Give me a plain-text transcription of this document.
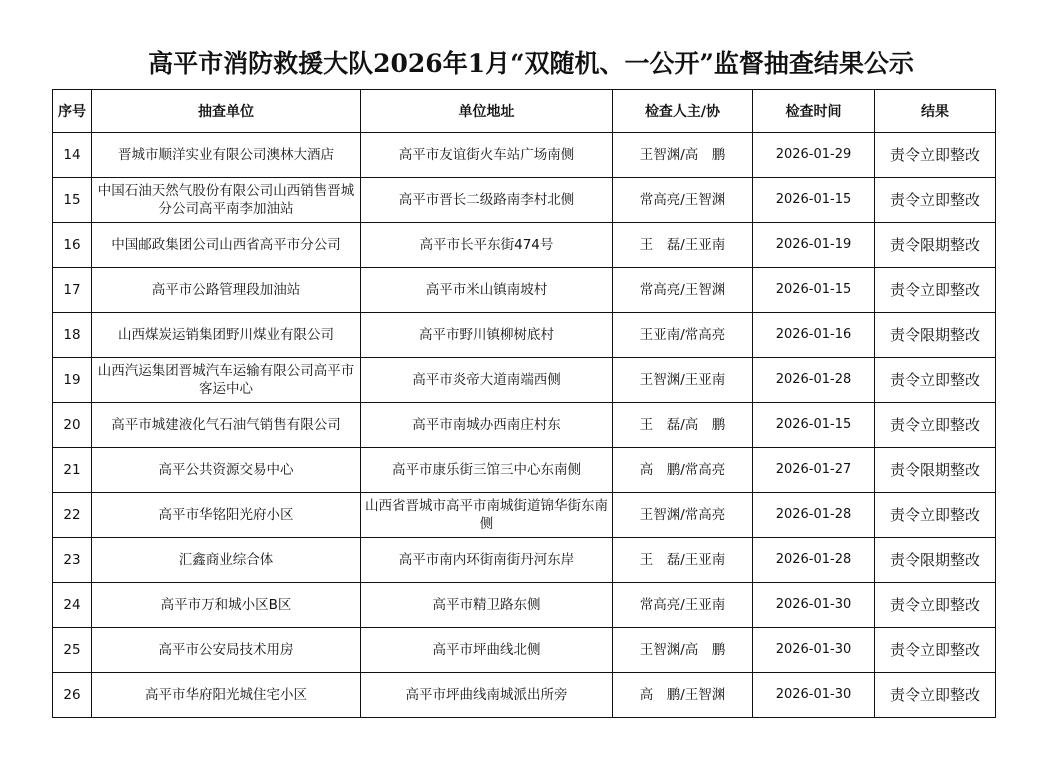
高平市消防救援大队2026年1月“双随机、一公开”监督抽查结果公示
序号	抽查单位	单位地址	检查人主/协	检查时间	结果
14	晋城市顺洋实业有限公司澳林大酒店	高平市友谊街火车站广场南侧	王智渊/高　鹏	2026-01-29	责令立即整改
15	中国石油天然气股份有限公司山西销售晋城分公司高平南李加油站	高平市晋长二级路南李村北侧	常高亮/王智渊	2026-01-15	责令立即整改
16	中国邮政集团公司山西省高平市分公司	高平市长平东街474号	王　磊/王亚南	2026-01-19	责令限期整改
17	高平市公路管理段加油站	高平市米山镇南坡村	常高亮/王智渊	2026-01-15	责令立即整改
18	山西煤炭运销集团野川煤业有限公司	高平市野川镇柳树底村	王亚南/常高亮	2026-01-16	责令限期整改
19	山西汽运集团晋城汽车运输有限公司高平市客运中心	高平市炎帝大道南端西侧	王智渊/王亚南	2026-01-28	责令立即整改
20	高平市城建液化气石油气销售有限公司	高平市南城办西南庄村东	王　磊/高　鹏	2026-01-15	责令立即整改
21	高平公共资源交易中心	高平市康乐街三馆三中心东南侧	高　鹏/常高亮	2026-01-27	责令限期整改
22	高平市华铭阳光府小区	山西省晋城市高平市南城街道锦华街东南侧	王智渊/常高亮	2026-01-28	责令立即整改
23	汇鑫商业综合体	高平市南内环街南街丹河东岸	王　磊/王亚南	2026-01-28	责令限期整改
24	高平市万和城小区B区	高平市精卫路东侧	常高亮/王亚南	2026-01-30	责令立即整改
25	高平市公安局技术用房	高平市坪曲线北侧	王智渊/高　鹏	2026-01-30	责令立即整改
26	高平市华府阳光城住宅小区	高平市坪曲线南城派出所旁	高　鹏/王智渊	2026-01-30	责令立即整改
